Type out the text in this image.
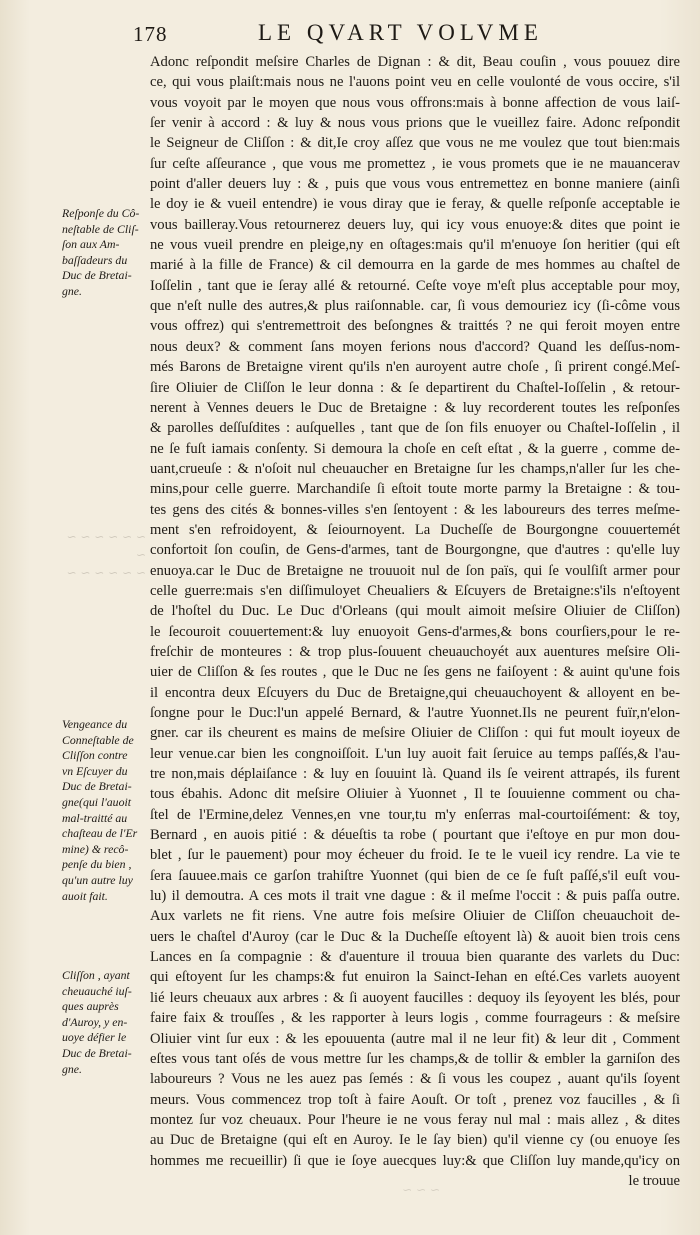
178	LE QVART VOLVME
Adonc reſpondit meſsire Charles de Dignan : & dit, Beau couſin , vous pouuez dire
ce, qui vous plaiſt:mais nous ne l'auons point veu en celle voulonté de vous occire, s'il
vous voyoit par le moyen que nous vous offrons:mais à bonne affection de vous laiſ-
ſer venir à accord : & luy & nous vous prions que le vueillez faire. Adonc reſpondit
le Seigneur de Cliſſon : & dit,Ie croy aſſez que vous ne me voulez que tout bien:mais
ſur ceſte aſſeurance , que vous me promettez , ie vous promets que ie ne mauancerav
point d'aller deuers luy : & , puis que vous vous entremettez en bonne maniere (ainſi
le doy ie & vueil entendre) ie vous diray que ie feray, & quelle reſponſe acceptable ie
vous bailleray.Vous retournerez deuers luy, qui icy vous enuoye:& dites que point ie
ne vous vueil prendre en pleige,ny en oſtages:mais qu'il m'enuoye ſon heritier (qui eſt
marié à la fille de France) & cil demourra en la garde de mes hommes au chaſtel de
Ioſſelin , tant que ie ſeray allé & retourné. Ceſte voye m'eſt plus acceptable pour moy,
que n'eſt nulle des autres,& plus raiſonnable. car, ſi vous demouriez icy (ſi-côme vous
vous offrez) qui s'entremettroit des beſongnes & traittés ? ne qui feroit moyen entre
nous deux? & comment ſans moyen ferions nous d'accord? Quand les deſſus-nom-
més Barons de Bretaigne virent qu'ils n'en auroyent autre choſe , ſi prirent congé.Meſ-
ſire Oliuier de Cliſſon le leur donna : & ſe departirent du Chaſtel-Ioſſelin , & retour-
nerent à Vennes deuers le Duc de Bretaigne : & luy recorderent toutes les reſponſes
& parolles deſſuſdites : auſquelles , tant que de ſon fils enuoyer ou Chaſtel-Ioſſelin , il
ne ſe fuſt iamais conſenty. Si demoura la choſe en ceſt eſtat , & la guerre , comme de-
uant,crueuſe : & n'oſoit nul cheuaucher en Bretaigne ſur les champs,n'aller ſur les che-
mins,pour celle guerre. Marchandiſe ſi eſtoit toute morte parmy la Bretaigne : & tou-
tes gens des cités & bonnes-villes s'en ſentoyent : & les laboureurs des terres meſme-
ment s'en refroidoyent, & ſeiournoyent. La Ducheſſe de Bourgongne couuertemét
confortoit ſon couſin, de Gens-d'armes, tant de Bourgongne, que d'autres : qu'elle luy
enuoya.car le Duc de Bretaigne ne trouuoit nul de ſon païs, qui ſe voulſiſt armer pour
celle guerre:mais s'en diſſimuloyet Cheualiers & Eſcuyers de Bretaigne:s'ils n'eſtoyent
de l'hoſtel du Duc. Le Duc d'Orleans (qui moult aimoit meſsire Oliuier de Cliſſon)
le ſecouroit couuertement:& luy enuoyoit Gens-d'armes,& bons courſiers,pour le re-
freſchir de monteures : & trop plus-ſouuent cheuauchoyét aux auentures meſsire Oli-
uier de Cliſſon & ſes routes , que le Duc ne ſes gens ne faiſoyent : & auint qu'une fois
il encontra deux Eſcuyers du Duc de Bretaigne,qui cheuauchoyent & alloyent en be-
ſongne pour le Duc:l'un appelé Bernard, & l'autre Yuonnet.Ils ne peurent fuïr,n'elon-
gner. car ils cheurent es mains de meſsire Oliuier de Cliſſon : qui fut moult ioyeux de
leur venue.car bien les congnoiſſoit. L'un luy auoit fait ſeruice au temps paſſés,& l'au-
tre non,mais déplaiſance : & luy en ſouuint là. Quand ils ſe veirent attrapés, ils furent
tous ébahis. Adonc dit meſsire Oliuier à Yuonnet , Il te ſouuienne comment ou cha-
ſtel de l'Ermine,delez Vennes,en vne tour,tu m'y enſerras mal-courtoiſément: & toy,
Bernard , en auois pitié : & déueſtis ta robe ( pourtant que i'eſtoye en pur mon dou-
blet , ſur le pauement) pour moy écheuer du froid. Ie te le vueil icy rendre. La vie te
ſera ſauuee.mais ce garſon trahiſtre Yuonnet (qui bien de ce ſe fuſt paſſé,s'il euſt vou-
lu) il demoutra. A ces mots il trait vne dague : & il meſme l'occit : & puis paſſa outre.
Aux varlets ne fit riens. Vne autre fois meſsire Oliuier de Cliſſon cheuauchoit de-
uers le chaſtel d'Auroy (car le Duc & la Ducheſſe eſtoyent là) & auoit bien trois cens
Lances en ſa compagnie : & d'auenture il trouua bien quarante des varlets du Duc:
qui eſtoyent ſur les champs:& fut enuiron la Sainct-Iehan en eſté.Ces varlets auoyent
lié leurs cheuaux aux arbres : & ſi auoyent faucilles : dequoy ils ſeyoyent les blés, pour
faire faix & trouſſes , & les rapporter à leurs logis , comme fourrageurs : & meſsire
Oliuier vint ſur eux : & les epouuenta (autre mal il ne leur fit) & leur dit , Comment
eſtes vous tant oſés de vous mettre ſur les champs,& de tollir & embler la garniſon des
laboureurs ? Vous ne les auez pas ſemés : & ſi vous les coupez , auant qu'ils ſoyent
meurs. Vous commencez trop toſt à faire Aouſt. Or toſt , prenez voz faucilles , & ſi
montez ſur voz cheuaux. Pour l'heure ie ne vous feray nul mal : mais allez , & dites
au Duc de Bretaigne (qui eſt en Auroy. Ie le ſay bien) qu'il vienne cy (ou enuoye ſes
hommes me recueillir) ſi que ie ſoye auecques luy:& que Cliſſon luy mande,qu'icy on
le trouue
Reſponſe du Cô-
neſtable de Cliſ-
ſon aux Am-
baſſadeurs du
Duc de Bretai-
gne.
Vengeance du
Conneſtable de
Cliſſon contre
vn Eſcuyer du
Duc de Bretai-
gne(qui l'auoit
mal-traitté au
chaſteau de l'Er
mine) & recô-
penſe du bien ,
qu'un autre luy
auoit fait.
Cliſſon , ayant
cheuauché iuſ-
ques auprès
d'Auroy, y en-
uoye défier le
Duc de Bretai-
gne.
~ ~ ~ ~ ~ ~ ~
~ ~ ~ ~ ~ ~
~ ~ ~
